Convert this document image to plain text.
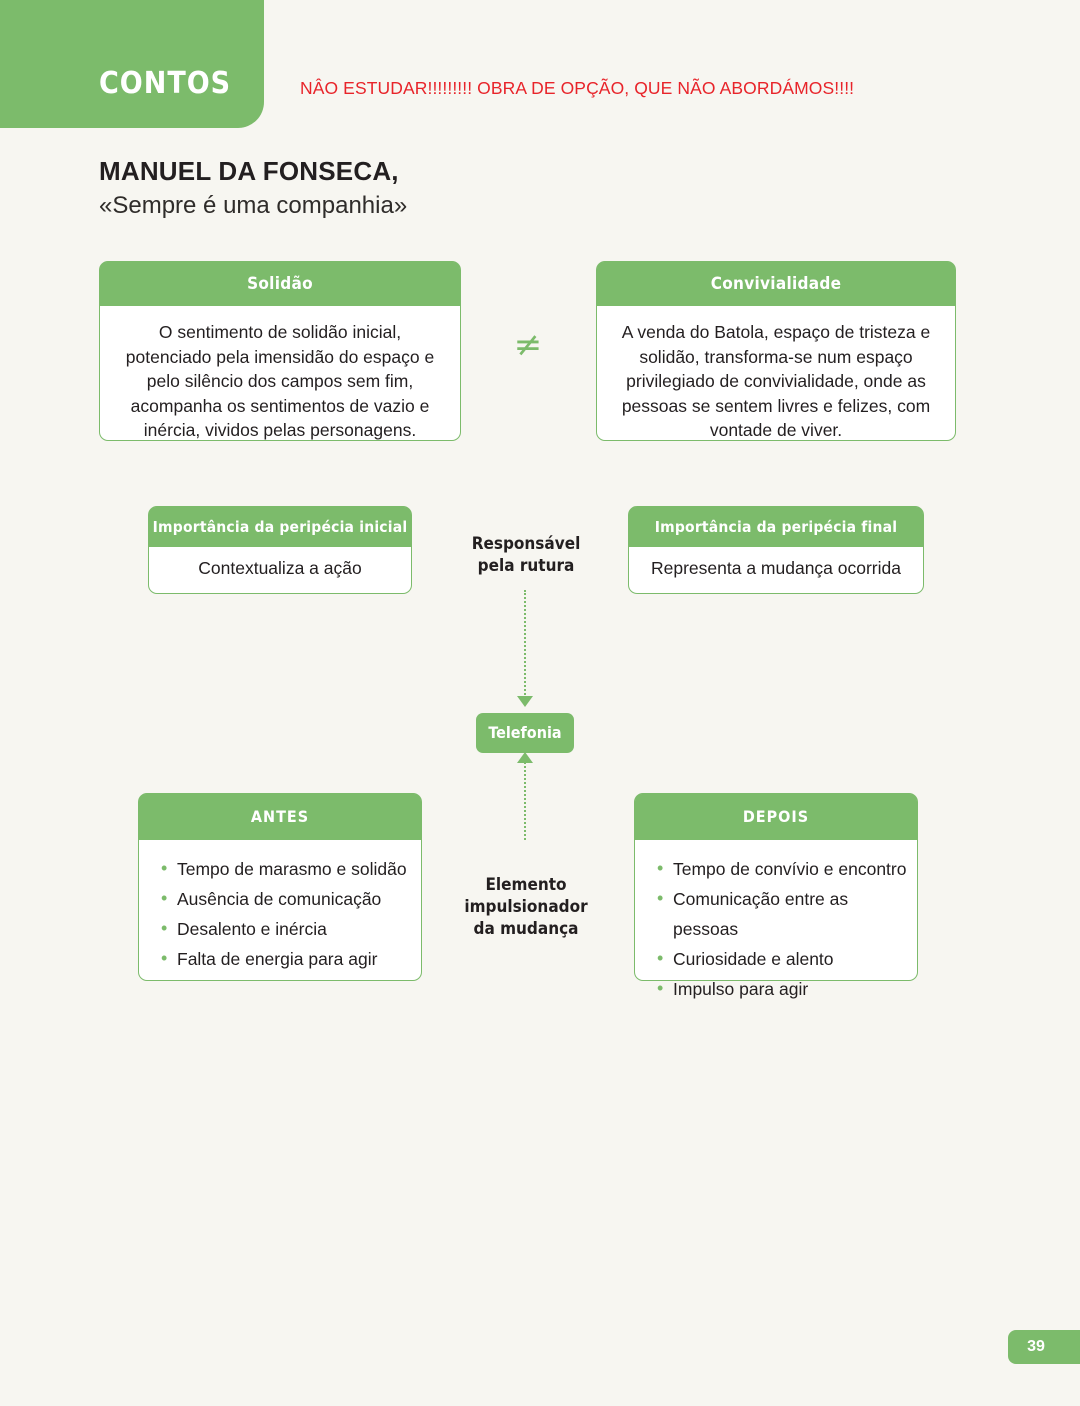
CONTOS	NÂO ESTUDAR!!!!!!!!! OBRA DE OPÇÃO, QUE NÃO ABORDÁMOS!!!!
MANUEL DA FONSECA,
«Sempre é uma companhia»
Solidão
O sentimento de solidão inicial, potenciado pela imensidão do espaço e pelo silêncio dos campos sem fim, acompanha os sentimentos de vazio e inércia, vividos pelas personagens.
≠
Convivialidade
A venda do Batola, espaço de tristeza e solidão, transforma-se num espaço privilegiado de convivialidade, onde as pessoas se sentem livres e felizes, com vontade de viver.
Importância da peripécia inicial
Contextualiza a ação
Importância da peripécia final
Representa a mudança ocorrida
Responsável
pela rutura
Telefonia
Elemento impulsionador
da mudança
ANTES
• Tempo de marasmo e solidão
• Ausência de comunicação
• Desalento e inércia
• Falta de energia para agir
DEPOIS
• Tempo de convívio e encontro
• Comunicação entre as pessoas
• Curiosidade e alento
• Impulso para agir
39
